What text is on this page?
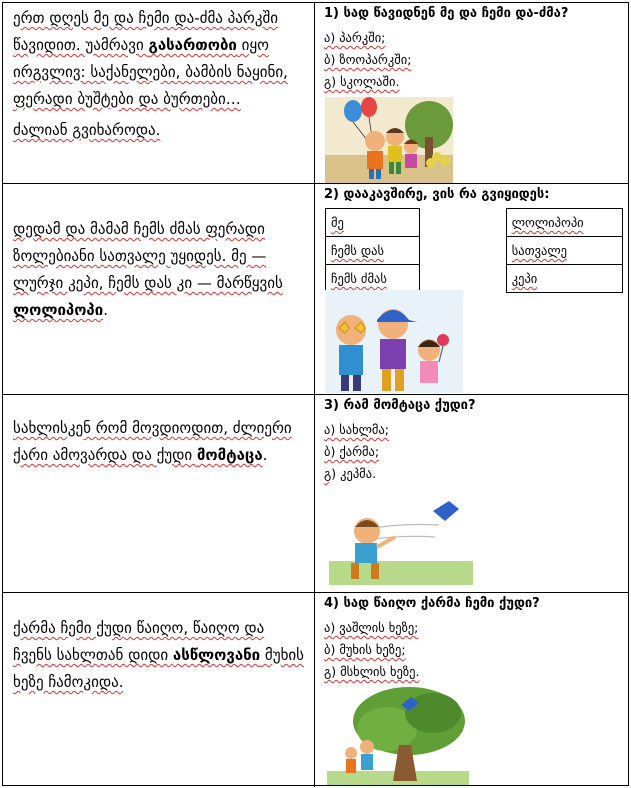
ერთ დღეს მე და ჩემი და-ძმა პარკში წავიდით. უამრავი გასართობი იყო ირგვლივ: საქანელები, ბამბის ნაყინი, ფერადი ბუშტები და ბურთები…

ძალიან გვიხაროდა.

1) სად წავიდნენ მე და ჩემი და-ძმა?
ა) პარკში;
ბ) ზოოპარკში;
გ) სკოლაში.

დედამ და მამამ ჩემს ძმას ფერადი ზოლებიანი სათვალე უყიდეს. მე — ლურჯი კეპი, ჩემს დას კი — მარწყვის ლოლიპოპი.

2) დააკავშირე, ვის რა გვიყიდეს:
მე		ლოლიპოპი
ჩემს დას		სათვალე
ჩემს ძმას		კეპი

სახლისკენ რომ მოვდიოდით, ძლიერი ქარი ამოვარდა და ქუდი მომტაცა.

3) რამ მომტაცა ქუდი?
ა) სახლმა;
ბ) ქარმა;
გ) კეპმა.

ქარმა ჩემი ქუდი წაიღო, წაიღო და ჩვენს სახლთან დიდი ასწლოვანი მუხის ხეზე ჩამოკიდა.

4) სად წაიღო ქარმა ჩემი ქუდი?
ა) ვაშლის ხეზე;
ბ) მუხის ხეზე;
გ) მსხლის ხეზე.
